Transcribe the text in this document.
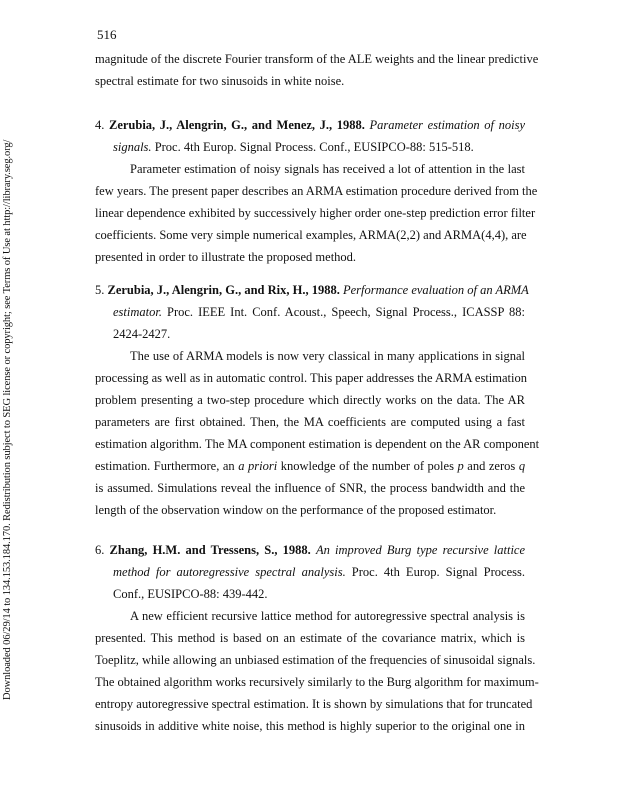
516
Downloaded 06/29/14 to 134.153.184.170. Redistribution subject to SEG license or copyright; see Terms of Use at http://library.seg.org/
magnitude of the discrete Fourier transform of the ALE weights and the linear predictive
spectral estimate for two sinusoids in white noise.
4. Zerubia, J., Alengrin, G., and Menez, J., 1988. Parameter estimation of noisy
signals. Proc. 4th Europ. Signal Process. Conf., EUSIPCO-88: 515-518.
Parameter estimation of noisy signals has received a lot of attention in the last
few years. The present paper describes an ARMA estimation procedure derived from the
linear dependence exhibited by successively higher order one-step prediction error filter
coefficients. Some very simple numerical examples, ARMA(2,2) and ARMA(4,4), are
presented in order to illustrate the proposed method.
5. Zerubia, J., Alengrin, G., and Rix, H., 1988. Performance evaluation of an ARMA
estimator. Proc. IEEE Int. Conf. Acoust., Speech, Signal Process., ICASSP 88:
2424-2427.
The use of ARMA models is now very classical in many applications in signal
processing as well as in automatic control. This paper addresses the ARMA estimation
problem presenting a two-step procedure which directly works on the data. The AR
parameters are first obtained. Then, the MA coefficients are computed using a fast
estimation algorithm. The MA component estimation is dependent on the AR component
estimation. Furthermore, an a priori knowledge of the number of poles p and zeros q
is assumed. Simulations reveal the influence of SNR, the process bandwidth and the
length of the observation window on the performance of the proposed estimator.
6. Zhang, H.M. and Tressens, S., 1988. An improved Burg type recursive lattice
method for autoregressive spectral analysis. Proc. 4th Europ. Signal Process.
Conf., EUSIPCO-88: 439-442.
A new efficient recursive lattice method for autoregressive spectral analysis is
presented. This method is based on an estimate of the covariance matrix, which is
Toeplitz, while allowing an unbiased estimation of the frequencies of sinusoidal signals.
The obtained algorithm works recursively similarly to the Burg algorithm for maximum-
entropy autoregressive spectral estimation. It is shown by simulations that for truncated
sinusoids in additive white noise, this method is highly superior to the original one in
